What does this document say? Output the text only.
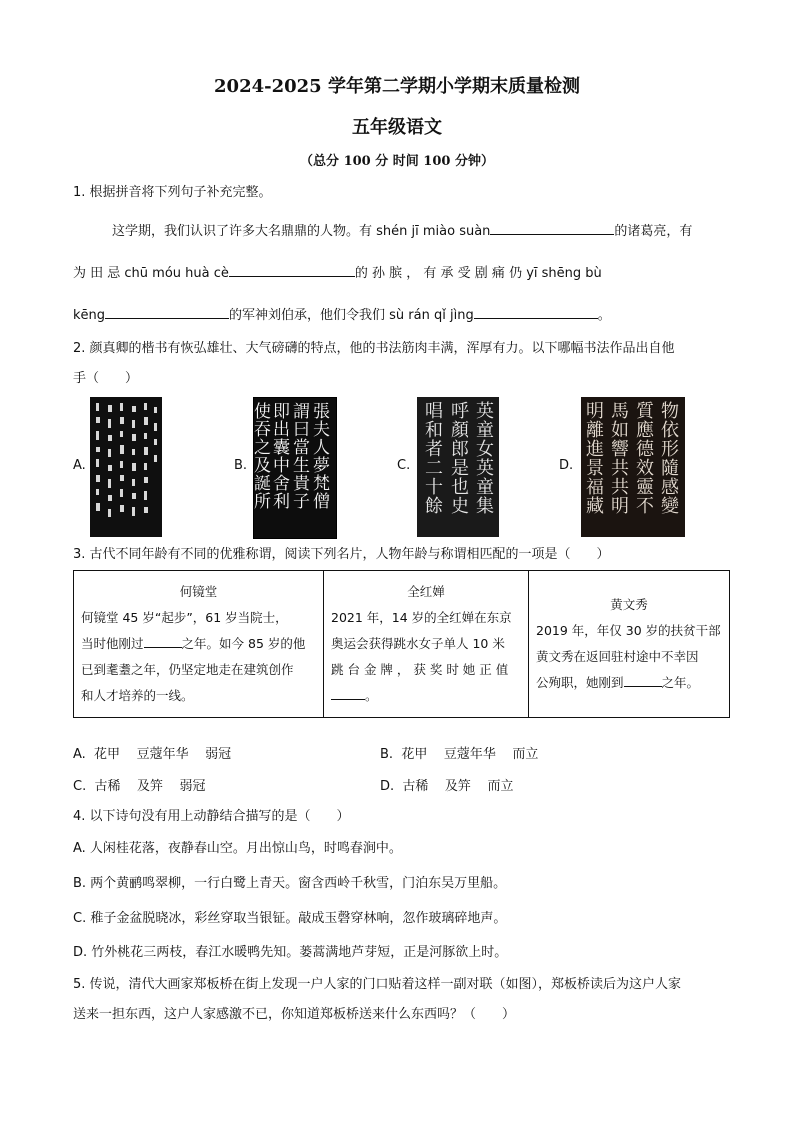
2024-2025 学年第二学期小学期末质量检测
五年级语文
（总分 100 分 时间 100 分钟）
1. 根据拼音将下列句子补充完整。
这学期，我们认识了许多大名鼎鼎的人物。有 shén jī miào suàn	的诸葛亮，有
为 田 忌 chū móu huà cè	的 孙 膑 ， 有 承 受 剧 痛 仍 yī shēng bù
kēng	的军神刘伯承，他们令我们 sù rán qǐ jìng	。
2. 颜真卿的楷书有恢弘雄壮、大气磅礴的特点，他的书法筋肉丰满，浑厚有力。以下哪幅书法作品出自他
手（　　）
A.	B.	張夫人夢梵僧
謂曰當生貴子
即出囊中舍利
使吞之及誕所	C.	英童女英童集
呼顏郎是也史
唱和者二十餘	D.	物依形隨感變
質應德效靈不
馬如響共共明
明離進景福藏
3. 古代不同年龄有不同的优雅称谓，阅读下列名片，人物年龄与称谓相匹配的一项是（　　）
何镜堂
何镜堂 45 岁“起步”，61 岁当院士，
当时他刚过	之年。如今 85 岁的他
已到耄耋之年，仍坚定地走在建筑创作
和人才培养的一线。

全红婵
2021 年，14 岁的全红婵在东京
奥运会获得跳水女子单人 10 米
跳 台 金 牌 ， 获 奖 时 她 正 值
。

黄文秀
2019 年，年仅 30 岁的扶贫干部
黄文秀在返回驻村途中不幸因
公殉职，她刚到	之年。
A.  花甲    豆蔻年华    弱冠	B.  花甲    豆蔻年华    而立
C.  古稀    及笄    弱冠	D.  古稀    及笄    而立
4. 以下诗句没有用上动静结合描写的是（　　）
A. 人闲桂花落，夜静春山空。月出惊山鸟，时鸣春涧中。
B. 两个黄鹂鸣翠柳，一行白鹭上青天。窗含西岭千秋雪，门泊东吴万里船。
C. 稚子金盆脱晓冰，彩丝穿取当银钲。敲成玉磬穿林响，忽作玻璃碎地声。
D. 竹外桃花三两枝，春江水暖鸭先知。蒌蒿满地芦芽短，正是河豚欲上时。
5. 传说，清代大画家郑板桥在街上发现一户人家的门口贴着这样一副对联（如图），郑板桥读后为这户人家
送来一担东西，这户人家感激不已，你知道郑板桥送来什么东西吗？（　　）
